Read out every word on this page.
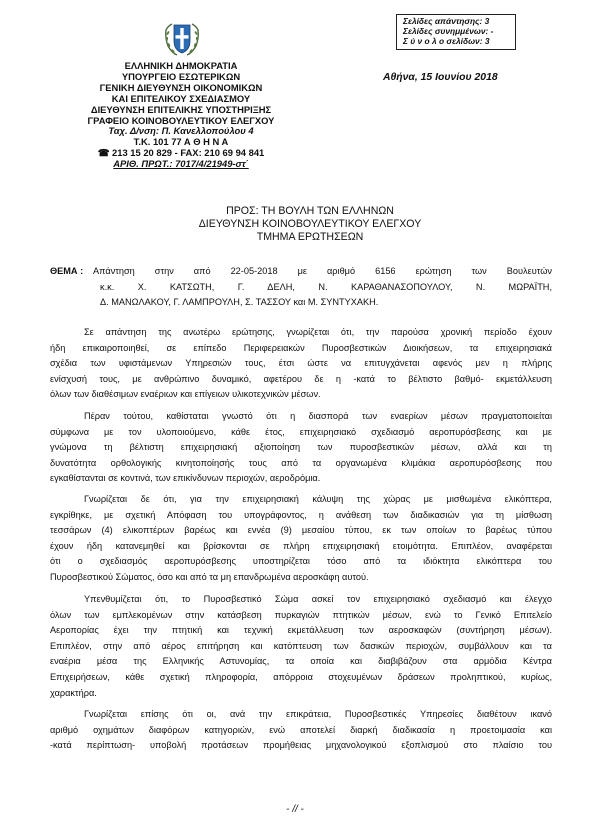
Σελίδες απάντησης: 3
Σελίδες συνημμένων: -
Σ ύ ν ο λ ο σελίδων: 3
ΕΛΛΗΝΙΚΗ ΔΗΜΟΚΡΑΤΙΑ
ΥΠΟΥΡΓΕΙΟ ΕΣΩΤΕΡΙΚΩΝ
ΓΕΝΙΚΗ ΔΙΕΥΘΥΝΣΗ ΟΙΚΟΝΟΜΙΚΩΝ
ΚΑΙ ΕΠΙΤΕΛΙΚΟΥ ΣΧΕΔΙΑΣΜΟΥ
ΔΙΕΥΘΥΝΣΗ ΕΠΙΤΕΛΙΚΗΣ ΥΠΟΣΤΗΡΙΞΗΣ
ΓΡΑΦΕΙΟ ΚΟΙΝΟΒΟΥΛΕΥΤΙΚΟΥ ΕΛΕΓΧΟΥ
Ταχ. Δ/νση: Π. Κανελλοπούλου 4
Τ.Κ. 101 77 Α Θ Η Ν Α
☎ 213 15 20 829 - FAX: 210 69 94 841
ΑΡΙΘ. ΠΡΩΤ.: 7017/4/21949-στ΄
Αθήνα, 15 Ιουνίου 2018
ΠΡΟΣ: ΤΗ ΒΟΥΛΗ ΤΩΝ ΕΛΛΗΝΩΝ
ΔΙΕΥΘΥΝΣΗ ΚΟΙΝΟΒΟΥΛΕΥΤΙΚΟΥ ΕΛΕΓΧΟΥ
ΤΜΗΜΑ ΕΡΩΤΗΣΕΩΝ
ΘΕΜΑ : Απάντηση στην από 22-05-2018 με αριθμό 6156 ερώτηση των Βουλευτών
κ.κ. Χ. ΚΑΤΣΩΤΗ, Γ. ΔΕΛΗ, Ν. ΚΑΡΑΘΑΝΑΣΟΠΟΥΛΟΥ, Ν. ΜΩΡΑΪΤΗ,
Δ. ΜΑΝΩΛΑΚΟΥ, Γ. ΛΑΜΠΡΟΥΛΗ, Σ. ΤΑΣΣΟΥ και Μ. ΣΥΝΤΥΧΑΚΗ.
Σε απάντηση της ανωτέρω ερώτησης, γνωρίζεται ότι, την παρούσα χρονική περίοδο έχουν
ήδη επικαιροποιηθεί, σε επίπεδο Περιφερειακών Πυροσβεστικών Διοικήσεων, τα επιχειρησιακά
σχέδια των υφιστάμενων Υπηρεσιών τους, έτσι ώστε να επιτυγχάνεται αφενός μεν η πλήρης
ενίσχυσή τους, με ανθρώπινο δυναμικό, αφετέρου δε η -κατά το βέλτιστο βαθμό- εκμετάλλευση
όλων των διαθέσιμων εναέριων και επίγειων υλικοτεχνικών μέσων.
Πέραν τούτου, καθίσταται γνωστό ότι η διασπορά των εναερίων μέσων πραγματοποιείται
σύμφωνα με τον υλοποιούμενο, κάθε έτος, επιχειρησιακό σχεδιασμό αεροπυρόσβεσης και με
γνώμονα τη βέλτιστη επιχειρησιακή αξιοποίηση των πυροσβεστικών μέσων, αλλά και τη
δυνατότητα ορθολογικής κινητοποίησής τους από τα οργανωμένα κλιμάκια αεροπυρόσβεσης που
εγκαθίστανται σε κοντινά, των επικίνδυνων περιοχών, αεροδρόμια.
Γνωρίζεται δε ότι, για την επιχειρησιακή κάλυψη της χώρας με μισθωμένα ελικόπτερα,
εγκρίθηκε, με σχετική Απόφαση του υπογράφοντος, η ανάθεση των διαδικασιών για τη μίσθωση
τεσσάρων (4) ελικοπτέρων βαρέως και εννέα (9) μεσαίου τύπου, εκ των οποίων το βαρέως τύπου
έχουν ήδη κατανεμηθεί και βρίσκονται σε πλήρη επιχειρησιακή ετοιμότητα. Επιπλέον, αναφέρεται
ότι ο σχεδιασμός αεροπυρόσβεσης υποστηρίζεται τόσο από τα ιδιόκτητα ελικόπτερα του
Πυροσβεστικού Σώματος, όσο και από τα μη επανδρωμένα αεροσκάφη αυτού.
Υπενθυμίζεται ότι, το Πυροσβεστικό Σώμα ασκεί τον επιχειρησιακό σχεδιασμό και έλεγχο
όλων των εμπλεκομένων στην κατάσβεση πυρκαγιών πτητικών μέσων, ενώ το Γενικό Επιτελείο
Αεροπορίας έχει την πτητική και τεχνική εκμετάλλευση των αεροσκαφών (συντήρηση μέσων).
Επιπλέον, στην από αέρος επιτήρηση και κατόπτευση των δασικών περιοχών, συμβάλλουν και τα
εναέρια μέσα της Ελληνικής Αστυνομίας, τα οποία και διαβιβάζουν στα αρμόδια Κέντρα
Επιχειρήσεων, κάθε σχετική πληροφορία, απόρροια στοχευμένων δράσεων προληπτικού, κυρίως,
χαρακτήρα.
Γνωρίζεται επίσης ότι οι, ανά την επικράτεια, Πυροσβεστικές Υπηρεσίες διαθέτουν ικανό
αριθμό οχημάτων διαφόρων κατηγοριών, ενώ αποτελεί διαρκή διαδικασία η προετοιμασία και
-κατά περίπτωση- υποβολή προτάσεων προμήθειας μηχανολογικού εξοπλισμού στο πλαίσιο του
- // -
